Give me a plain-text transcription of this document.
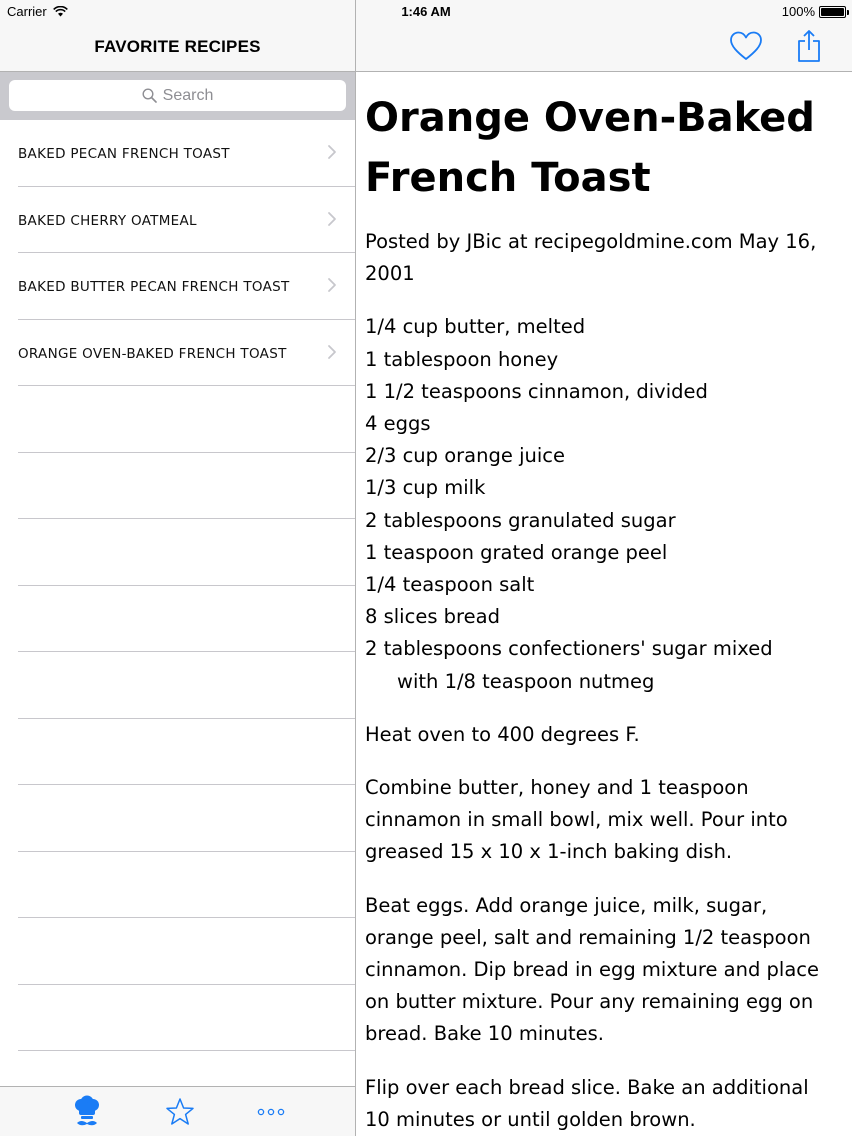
FAVORITE RECIPES
Search
BAKED PECAN FRENCH TOAST
BAKED CHERRY OATMEAL
BAKED BUTTER PECAN FRENCH TOAST
ORANGE OVEN-BAKED FRENCH TOAST
Orange Oven-Baked French Toast

Posted by JBic at recipegoldmine.com May 16, 2001

1/4 cup butter, melted
1 tablespoon honey
1 1/2 teaspoons cinnamon, divided
4 eggs
2/3 cup orange juice
1/3 cup milk
2 tablespoons granulated sugar
1 teaspoon grated orange peel
1/4 teaspoon salt
8 slices bread
2 tablespoons confectioners' sugar mixed
with 1/8 teaspoon nutmeg

Heat oven to 400 degrees F.

Combine butter, honey and 1 teaspoon cinnamon in small bowl, mix well. Pour into greased 15 x 10 x 1-inch baking dish.

Beat eggs. Add orange juice, milk, sugar, orange peel, salt and remaining 1/2 teaspoon cinnamon. Dip bread in egg mixture and place on butter mixture. Pour any remaining egg on bread. Bake 10 minutes.

Flip over each bread slice. Bake an additional 10 minutes or until golden brown.

Carrier	1:46 AM	100%
